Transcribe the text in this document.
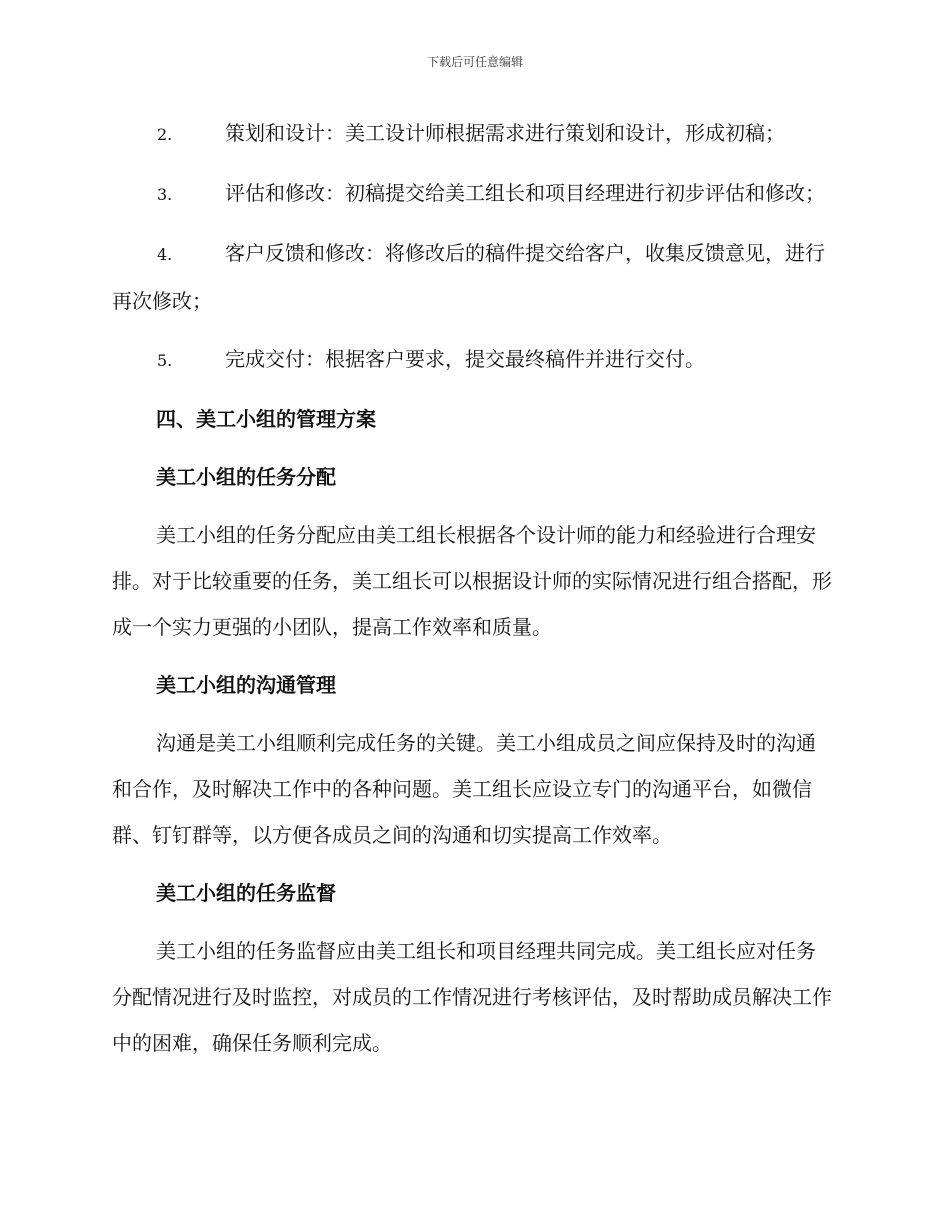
下载后可任意编辑
2.	策划和设计：美工设计师根据需求进行策划和设计，形成初稿；
3.	评估和修改：初稿提交给美工组长和项目经理进行初步评估和修改；
4.	客户反馈和修改：将修改后的稿件提交给客户，收集反馈意见，进行再次修改；
5.	完成交付：根据客户要求，提交最终稿件并进行交付。
四、美工小组的管理方案
美工小组的任务分配
美工小组的任务分配应由美工组长根据各个设计师的能力和经验进行合理安排。对于比较重要的任务，美工组长可以根据设计师的实际情况进行组合搭配，形成一个实力更强的小团队，提高工作效率和质量。
美工小组的沟通管理
沟通是美工小组顺利完成任务的关键。美工小组成员之间应保持及时的沟通和合作，及时解决工作中的各种问题。美工组长应设立专门的沟通平台，如微信群、钉钉群等，以方便各成员之间的沟通和切实提高工作效率。
美工小组的任务监督
美工小组的任务监督应由美工组长和项目经理共同完成。美工组长应对任务分配情况进行及时监控，对成员的工作情况进行考核评估，及时帮助成员解决工作中的困难，确保任务顺利完成。
